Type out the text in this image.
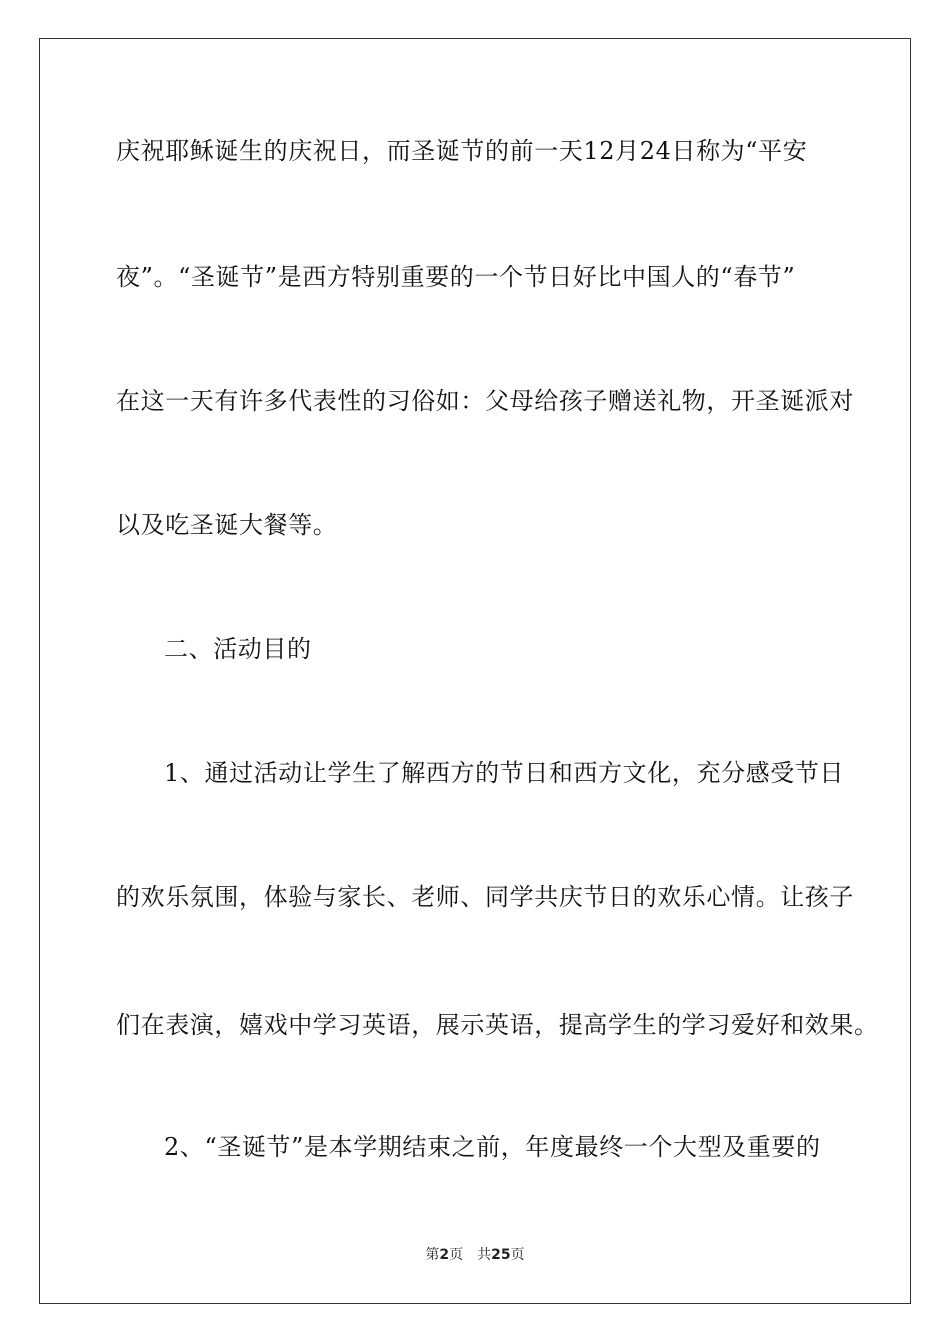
庆祝耶稣诞生的庆祝日，而圣诞节的前一天12月24日称为“平安
夜”。“圣诞节”是西方特别重要的一个节日好比中国人的“春节”
在这一天有许多代表性的习俗如：父母给孩子赠送礼物，开圣诞派对
以及吃圣诞大餐等。
二、活动目的
1、通过活动让学生了解西方的节日和西方文化，充分感受节日
的欢乐氛围，体验与家长、老师、同学共庆节日的欢乐心情。让孩子
们在表演，嬉戏中学习英语，展示英语，提高学生的学习爱好和效果。
2、“圣诞节”是本学期结束之前，年度最终一个大型及重要的
第2页 共25页
